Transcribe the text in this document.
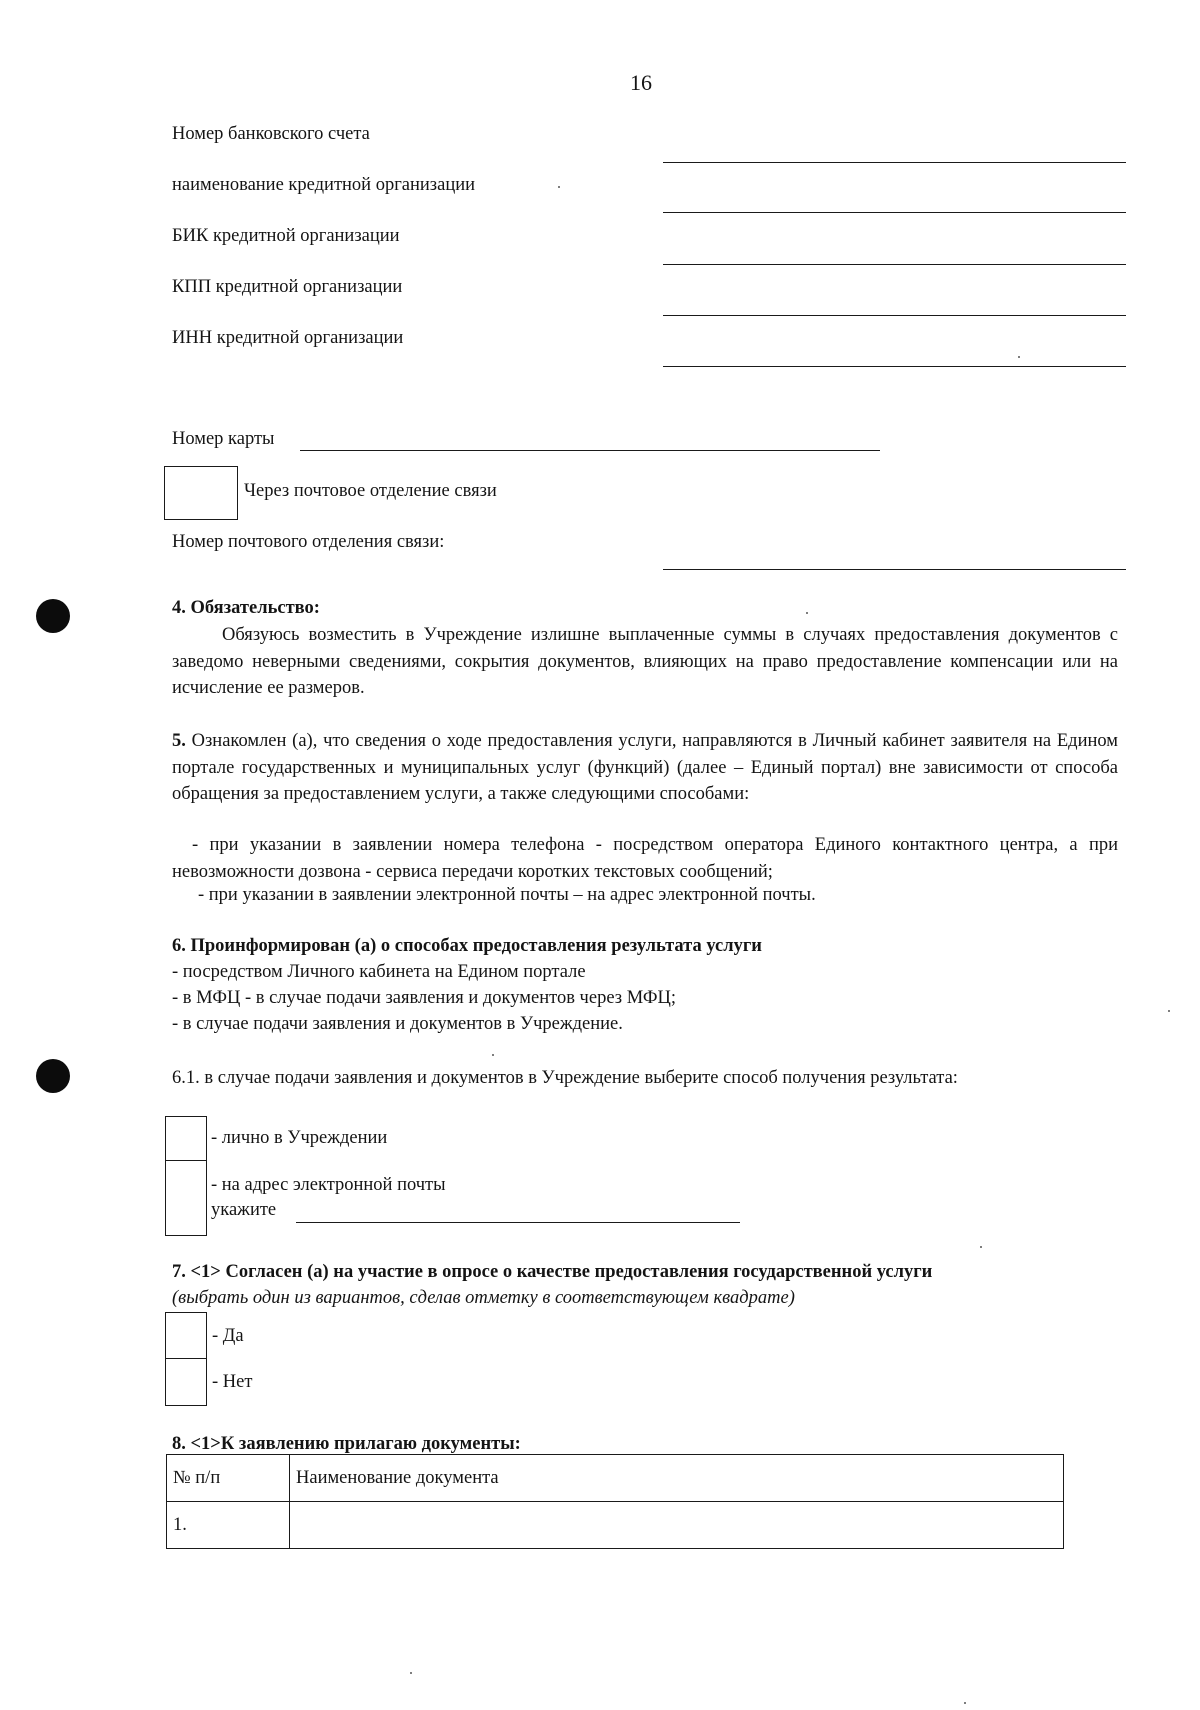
16
Номер банковского счета
наименование кредитной организации
БИК кредитной организации
КПП кредитной организации
ИНН кредитной организации
Номер карты
Через почтовое отделение связи
Номер почтового отделения связи:
4. Обязательство:
Обязуюсь возместить в Учреждение излишне выплаченные суммы в случаях предоставления документов с заведомо неверными сведениями, сокрытия документов, влияющих на право предоставление компенсации или на исчисление ее размеров.
5. Ознакомлен (а), что сведения о ходе предоставления услуги, направляются в Личный кабинет заявителя на Едином портале государственных и муниципальных услуг (функций) (далее – Единый портал) вне зависимости от способа обращения за предоставлением услуги, а также следующими способами:
- при указании в заявлении номера телефона - посредством оператора Единого контактного центра, а при невозможности дозвона - сервиса передачи коротких текстовых сообщений;
- при указании в заявлении электронной почты – на адрес электронной почты.
6. Проинформирован (а) о способах предоставления результата услуги
- посредством Личного кабинета на Едином портале
- в МФЦ - в случае подачи заявления и документов через МФЦ;
- в случае подачи заявления и документов в Учреждение.
6.1. в случае подачи заявления и документов в Учреждение выберите способ получения результата:
- лично в Учреждении
- на адрес электронной почты
укажите
7. <1> Согласен (а) на участие в опросе о качестве предоставления государственной услуги
(выбрать один из вариантов, сделав отметку в соответствующем квадрате)
- Да
- Нет
8. <1>К заявлению прилагаю документы:
№ п/п	Наименование документа
1.	
